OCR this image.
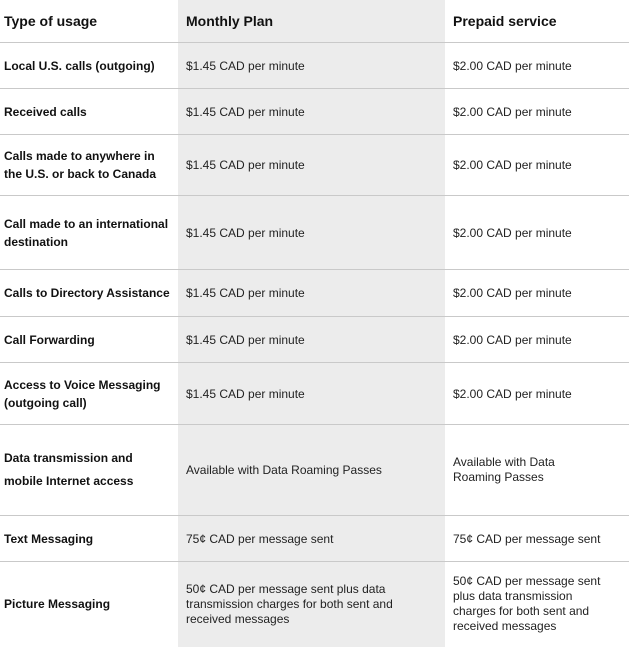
Type of usage	Monthly Plan	Prepaid service
Local U.S. calls (outgoing)	$1.45 CAD per minute	$2.00 CAD per minute
Received calls	$1.45 CAD per minute	$2.00 CAD per minute
Calls made to anywhere in the U.S. or back to Canada	$1.45 CAD per minute	$2.00 CAD per minute
Call made to an international destination	$1.45 CAD per minute	$2.00 CAD per minute
Calls to Directory Assistance	$1.45 CAD per minute	$2.00 CAD per minute
Call Forwarding	$1.45 CAD per minute	$2.00 CAD per minute
Access to Voice Messaging (outgoing call)	$1.45 CAD per minute	$2.00 CAD per minute
Data transmission and mobile Internet access	Available with Data Roaming Passes	Available with Data Roaming Passes

Text Messaging	75¢ CAD per message sent	75¢ CAD per message sent
Picture Messaging	50¢ CAD per message sent plus data transmission charges for both sent and received messages	50¢ CAD per message sent plus data transmission charges for both sent and received messages
